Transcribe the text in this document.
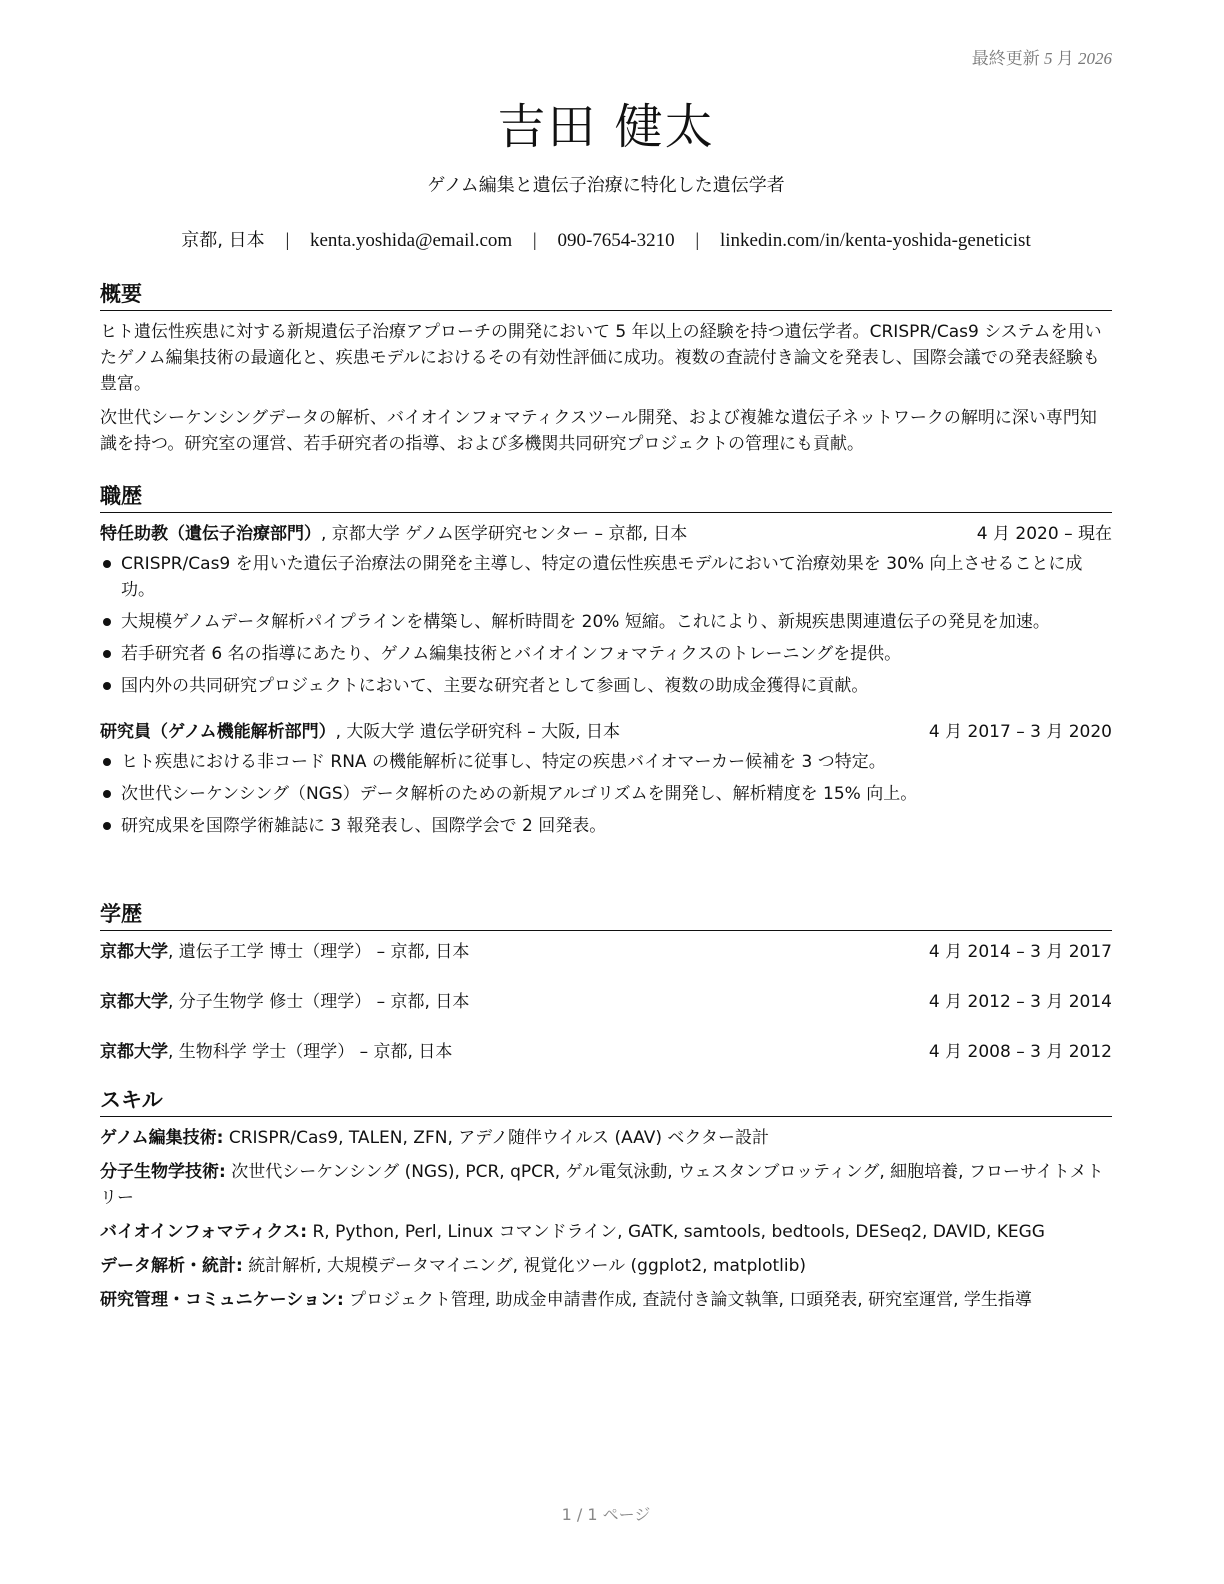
最終更新 5 月 2026
吉田 健太
ゲノム編集と遺伝子治療に特化した遺伝学者
京都, 日本 | kenta.yoshida@email.com | 090-7654-3210 | linkedin.com/in/kenta-yoshida-geneticist
概要

ヒト遺伝性疾患に対する新規遺伝子治療アプローチの開発において 5 年以上の経験を持つ遺伝学者。CRISPR/Cas9 システムを用いたゲノム編集技術の最適化と、疾患モデルにおけるその有効性評価に成功。複数の査読付き論文を発表し、国際会議での発表経験も豊富。

次世代シーケンシングデータの解析、バイオインフォマティクスツール開発、および複雑な遺伝子ネットワークの解明に深い専門知識を持つ。研究室の運営、若手研究者の指導、および多機関共同研究プロジェクトの管理にも貢献。

職歴
特任助教（遺伝子治療部門）, 京都大学 ゲノム医学研究センター – 京都, 日本	4 月 2020 – 現在
CRISPR/Cas9 を用いた遺伝子治療法の開発を主導し、特定の遺伝性疾患モデルにおいて治療効果を 30% 向上させることに成功。
大規模ゲノムデータ解析パイプラインを構築し、解析時間を 20% 短縮。これにより、新規疾患関連遺伝子の発見を加速。
若手研究者 6 名の指導にあたり、ゲノム編集技術とバイオインフォマティクスのトレーニングを提供。
国内外の共同研究プロジェクトにおいて、主要な研究者として参画し、複数の助成金獲得に貢献。
研究員（ゲノム機能解析部門）, 大阪大学 遺伝学研究科 – 大阪, 日本	4 月 2017 – 3 月 2020
ヒト疾患における非コード RNA の機能解析に従事し、特定の疾患バイオマーカー候補を 3 つ特定。
次世代シーケンシング（NGS）データ解析のための新規アルゴリズムを開発し、解析精度を 15% 向上。
研究成果を国際学術雑誌に 3 報発表し、国際学会で 2 回発表。
学歴
京都大学, 遺伝子工学 博士（理学） – 京都, 日本	4 月 2014 – 3 月 2017
京都大学, 分子生物学 修士（理学） – 京都, 日本	4 月 2012 – 3 月 2014
京都大学, 生物科学 学士（理学） – 京都, 日本	4 月 2008 – 3 月 2012
スキル
ゲノム編集技術: CRISPR/Cas9, TALEN, ZFN, アデノ随伴ウイルス (AAV) ベクター設計
分子生物学技術: 次世代シーケンシング (NGS), PCR, qPCR, ゲル電気泳動, ウェスタンブロッティング, 細胞培養, フローサイトメトリー
バイオインフォマティクス: R, Python, Perl, Linux コマンドライン, GATK, samtools, bedtools, DESeq2, DAVID, KEGG
データ解析・統計: 統計解析, 大規模データマイニング, 視覚化ツール (ggplot2, matplotlib)
研究管理・コミュニケーション: プロジェクト管理, 助成金申請書作成, 査読付き論文執筆, 口頭発表, 研究室運営, 学生指導
1 / 1 ページ
